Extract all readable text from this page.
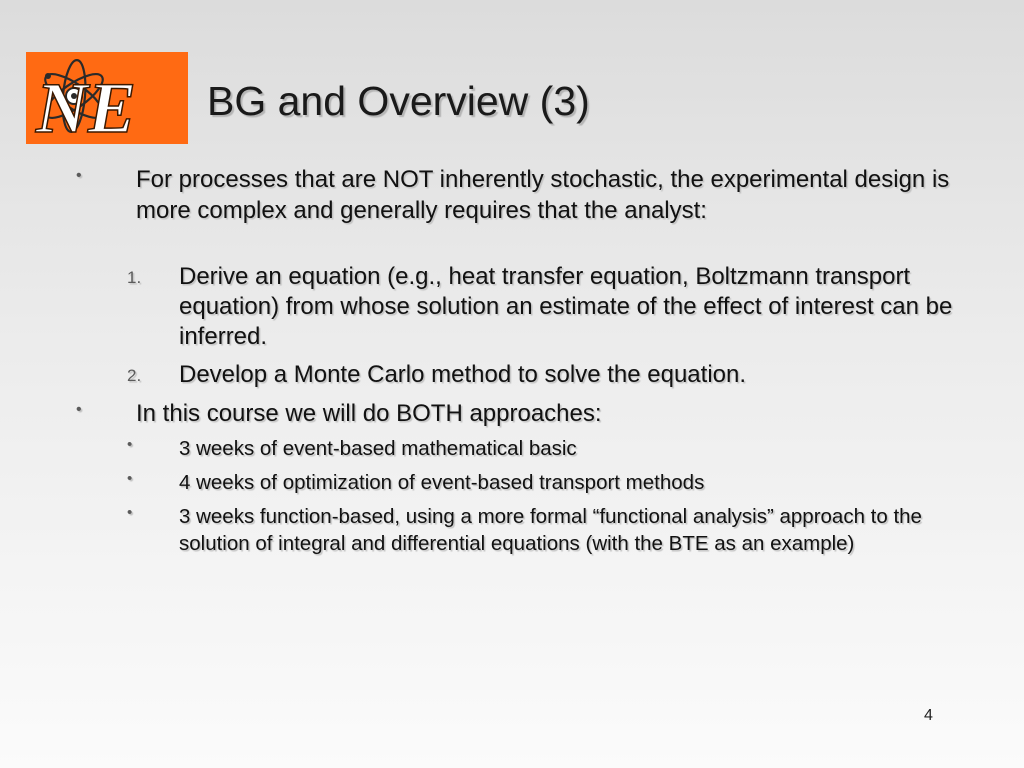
NE BG and Overview (3)
• For processes that are NOT inherently stochastic, the experimental design is more complex and generally requires that the analyst:
1. Derive an equation (e.g., heat transfer equation, Boltzmann transport equation) from whose solution an estimate of the effect of interest can be inferred.
2. Develop a Monte Carlo method to solve the equation.
• In this course we will do BOTH approaches:
• 3 weeks of event-based mathematical basic
• 4 weeks of optimization of event-based transport methods
• 3 weeks function-based, using a more formal “functional analysis” approach to the solution of integral and differential equations (with the BTE as an example)
4
